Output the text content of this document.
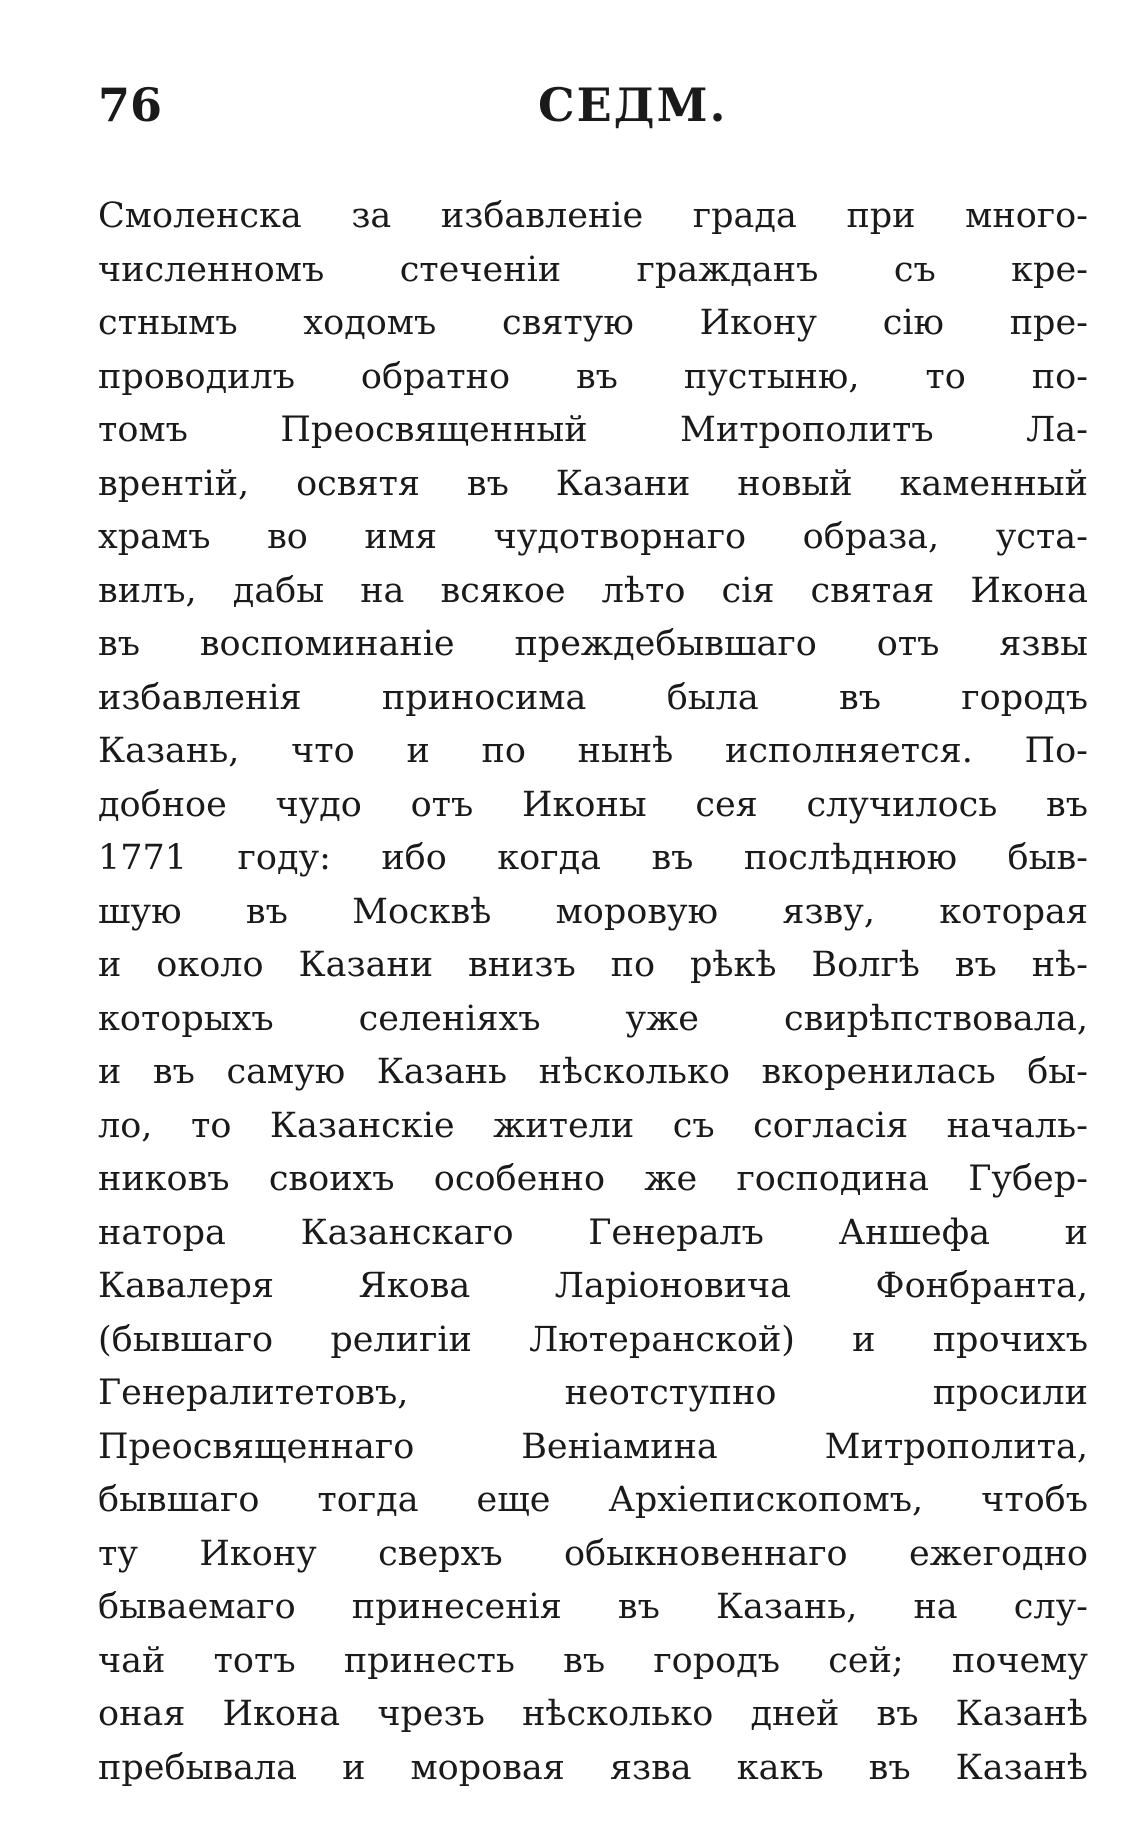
76	СЕДМ.
Смоленска за избавленіе града при много-
численномъ стеченіи гражданъ съ кре-
стнымъ ходомъ святую Икону сію пре-
проводилъ обратно въ пустыню, то по-
томъ Преосвященный Митрополитъ Ла-
врентій, освятя въ Казани новый каменный
храмъ во имя чудотворнаго образа, устa-
вилъ, дабы на всякое лѣто сія святая Икона
въ воспоминаніе преждебывшаго отъ язвы
избавленія приносима была въ городъ
Казань, что и по нынѣ исполняется. По-
добное чудо отъ Иконы сея случилось въ
1771 году: ибо когда въ послѣднюю быв-
шую въ Москвѣ моровую язву, которая
и около Казани внизъ по рѣкѣ Волгѣ въ нѣ-
которыхъ селеніяхъ уже свирѣпствовала,
и въ самую Казань нѣсколько вкоренилась бы-
ло, то Казанскіе жители съ согласія началь-
никовъ своихъ особенно же господина Губер-
натора Казанскаго Генералъ Аншефа и
Кавалеря Якова Ларіоновича Фонбранта,
(бывшаго религіи Лютеранской) и прочихъ
Генералитетовъ, неотступно просили
Преосвященнаго Веніамина Митрополита,
бывшаго тогда еще Архіепископомъ, чтобъ
ту Икону сверхъ обыкновеннаго ежегодно
бываемаго принесенія въ Казань, на слу-
чай тотъ принесть въ городъ сей; почему
оная Икона чрезъ нѣсколько дней въ Казанѣ
пребывала и моровая язва какъ въ Казанѣ
